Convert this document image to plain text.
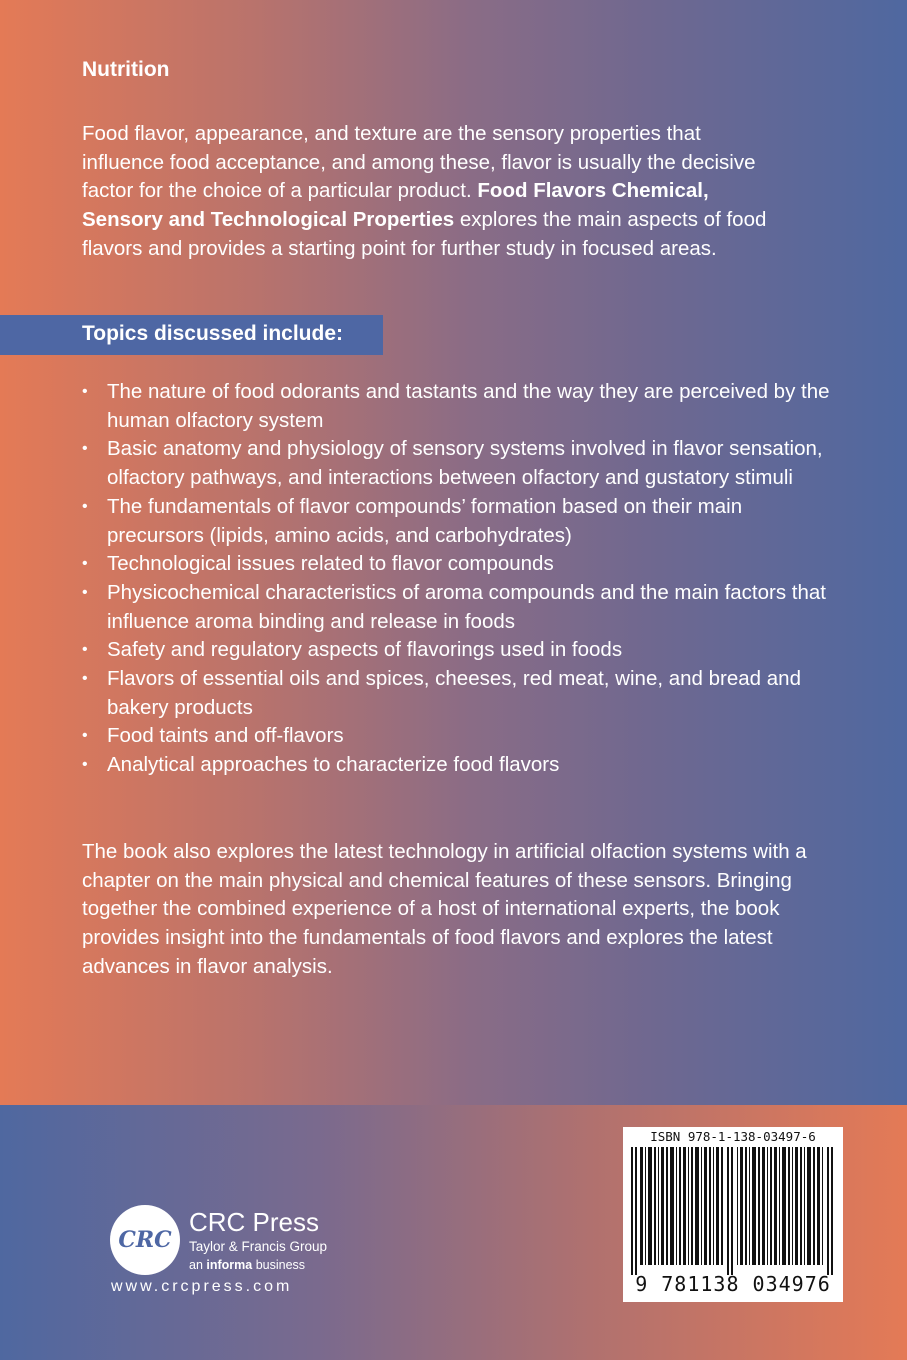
Nutrition

Food flavor, appearance, and texture are the sensory properties that influence food acceptance, and among these, flavor is usually the decisive factor for the choice of a particular product. Food Flavors Chemical, Sensory and Technological Properties explores the main aspects of food flavors and provides a starting point for further study in focused areas.

Topics discussed include:
• The nature of food odorants and tastants and the way they are perceived by the human olfactory system
• Basic anatomy and physiology of sensory systems involved in flavor sensation, olfactory pathways, and interactions between olfactory and gustatory stimuli
• The fundamentals of flavor compounds’ formation based on their main precursors (lipids, amino acids, and carbohydrates)
• Technological issues related to flavor compounds
• Physicochemical characteristics of aroma compounds and the main factors that influence aroma binding and release in foods
• Safety and regulatory aspects of flavorings used in foods
• Flavors of essential oils and spices, cheeses, red meat, wine, and bread and bakery products
• Food taints and off-flavors
• Analytical approaches to characterize food flavors

The book also explores the latest technology in artificial olfaction systems with a chapter on the main physical and chemical features of these sensors. Bringing together the combined experience of a host of international experts, the book provides insight into the fundamentals of food flavors and explores the latest advances in flavor analysis.

CRC
CRC Press
Taylor & Francis Group
an informa business
www.crcpress.com
ISBN 978-1-138-03497-6
9 781138 034976
